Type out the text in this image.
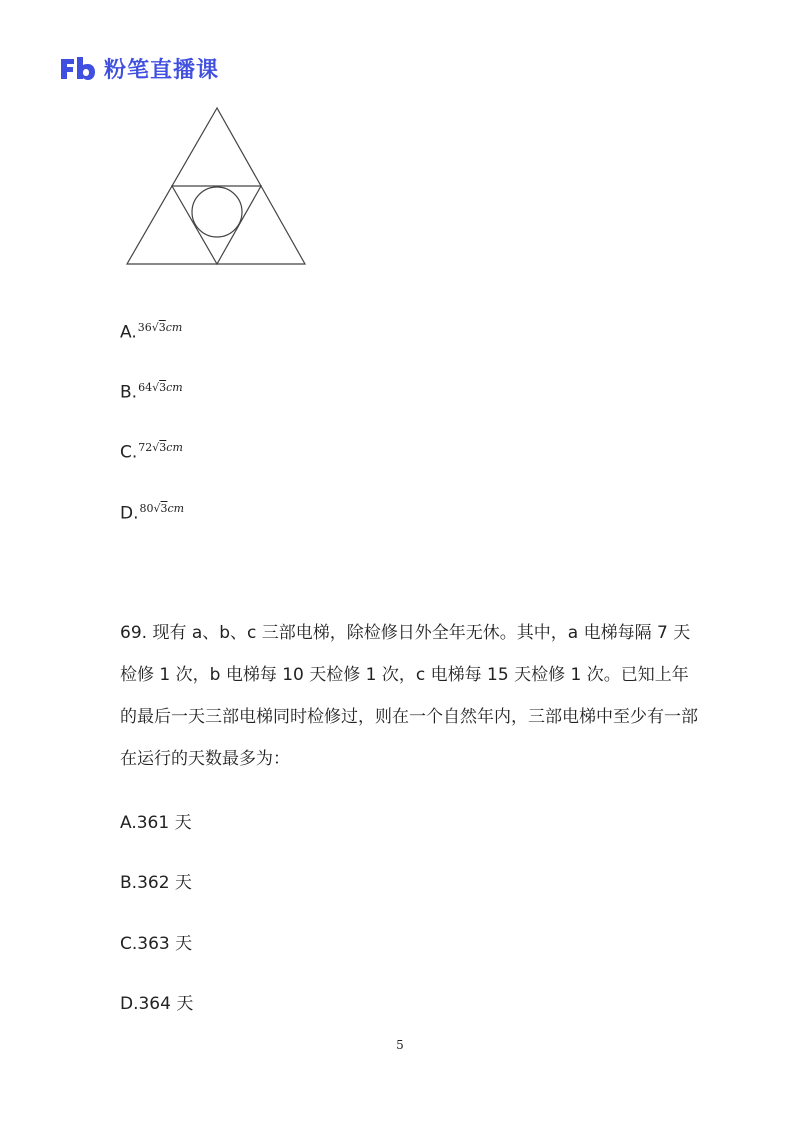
粉笔直播课
A.$^{36√3cm}$
B.$^{64√3cm}$
C.$^{72√3cm}$
D.$^{80√3cm}$
69. 现有 a、b、c 三部电梯，除检修日外全年无休。其中，a 电梯每隔 7 天检修 1 次，b 电梯每 10 天检修 1 次，c 电梯每 15 天检修 1 次。已知上年的最后一天三部电梯同时检修过，则在一个自然年内，三部电梯中至少有一部在运行的天数最多为：
A.361 天
B.362 天
C.363 天
D.364 天
5
